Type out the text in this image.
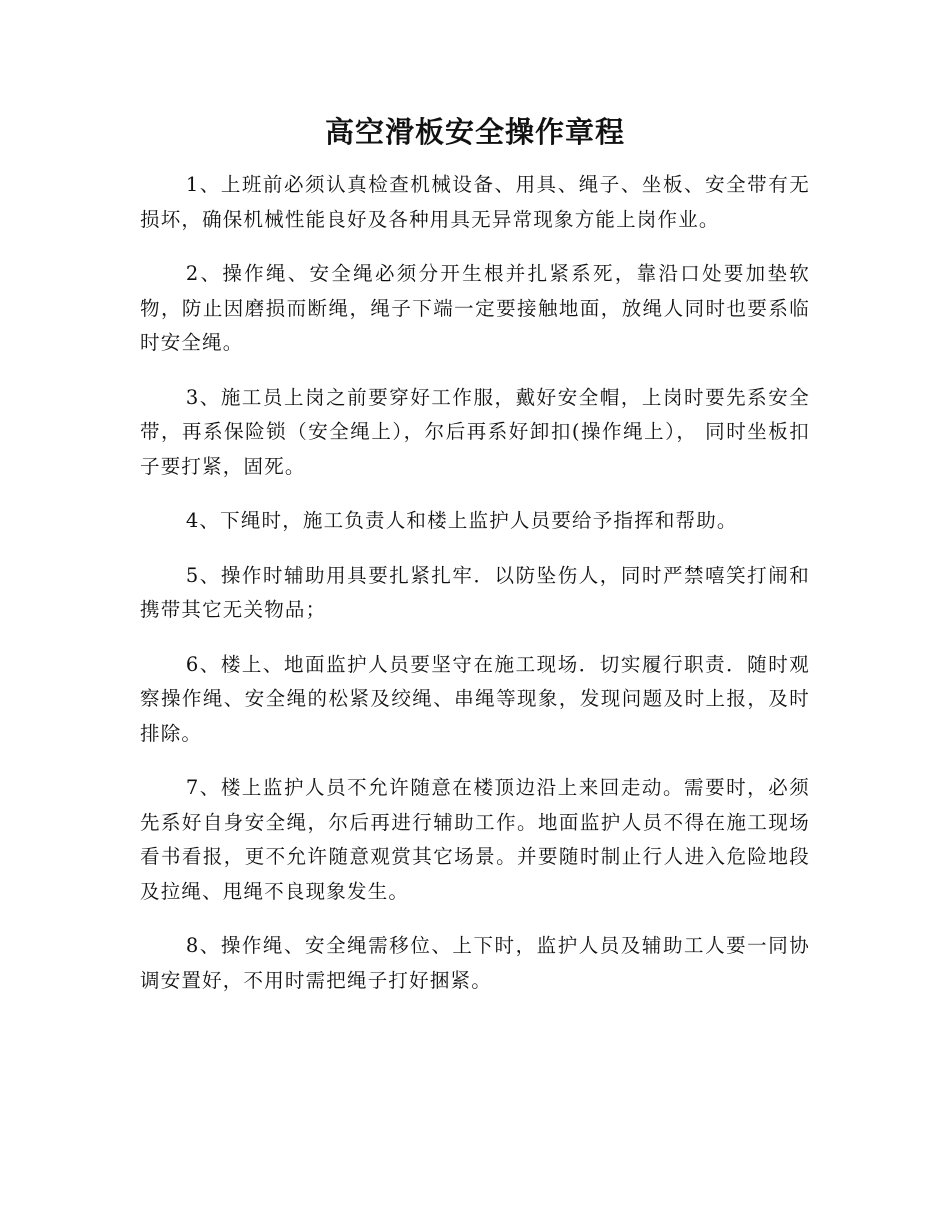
高空滑板安全操作章程

1、上班前必须认真检查机械设备、用具、绳子、坐板、安全带有无损坏，确保机械性能良好及各种用具无异常现象方能上岗作业。

2、操作绳、安全绳必须分开生根并扎紧系死，靠沿口处要加垫软物，防止因磨损而断绳，绳子下端一定要接触地面，放绳人同时也要系临时安全绳。

3、施工员上岗之前要穿好工作服，戴好安全帽，上岗时要先系安全带，再系保险锁（安全绳上），尔后再系好卸扣(操作绳上）， 同时坐板扣子要打紧，固死。

4、下绳时，施工负责人和楼上监护人员要给予指挥和帮助。

5、操作时辅助用具要扎紧扎牢．以防坠伤人，同时严禁嘻笑打闹和携带其它无关物品；

6、楼上、地面监护人员要坚守在施工现场．切实履行职责．随时观察操作绳、安全绳的松紧及绞绳、串绳等现象，发现问题及时上报，及时排除。

7、楼上监护人员不允许随意在楼顶边沿上来回走动。需要时，必须先系好自身安全绳，尔后再进行辅助工作。地面监护人员不得在施工现场看书看报，更不允许随意观赏其它场景。并要随时制止行人进入危险地段及拉绳、甩绳不良现象发生。

8、操作绳、安全绳需移位、上下时，监护人员及辅助工人要一同协调安置好，不用时需把绳子打好捆紧。
